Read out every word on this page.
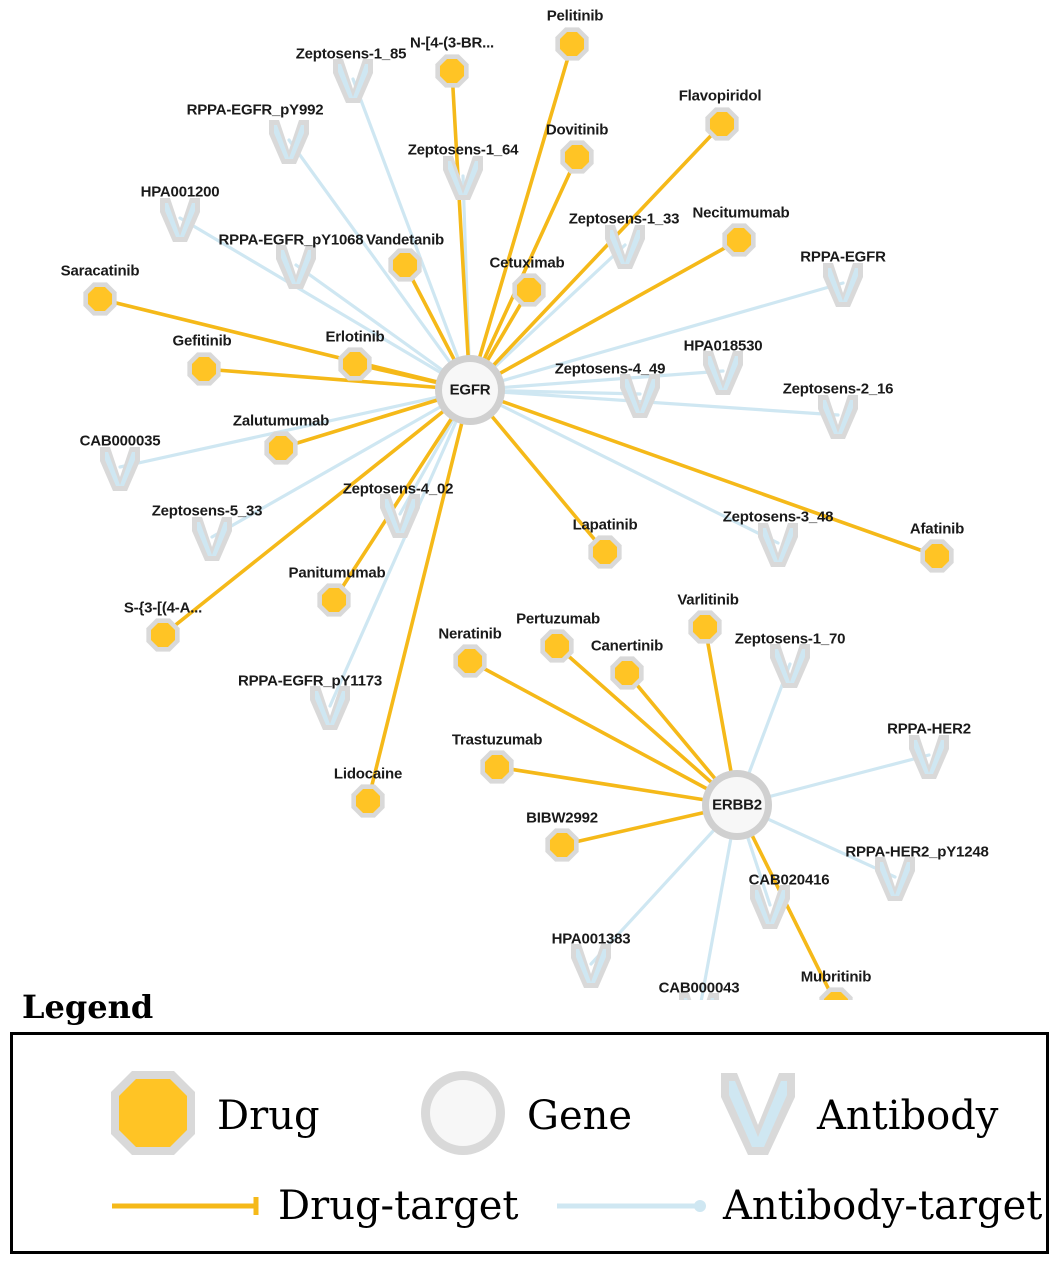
Pelitinib
N-[4-(3-BR...
Flavopiridol
Dovitinib
Vandetanib
Cetuximab
Necitumumab
Saracatinib
Gefitinib	Erlotinib
Zalutumumab
Panitumumab
S-{3-[(4-A...
Lidocaine
Lapatinib	Afatinib
Varlitinib
Neratinib
Pertuzumab
Canertinib
Trastuzumab
BIBW2992
Mubritinib
Zeptosens-1_85
RPPA-EGFR_pY992
Zeptosens-1_64
HPA001200
Zeptosens-1_33
RPPA-EGFR_pY1068
RPPA-EGFR
HPA018530
Zeptosens-4_49
Zeptosens-2_16
CAB000035
Zeptosens-4_02
Zeptosens-5_33	Zeptosens-3_48
RPPA-EGFR_pY1173
Zeptosens-1_70
RPPA-HER2
RPPA-HER2_pY1248
CAB020416
HPA001383
CAB000043
EGFR
ERBB2
Legend
Drug	Gene	Antibody
Drug-target	Antibody-target
